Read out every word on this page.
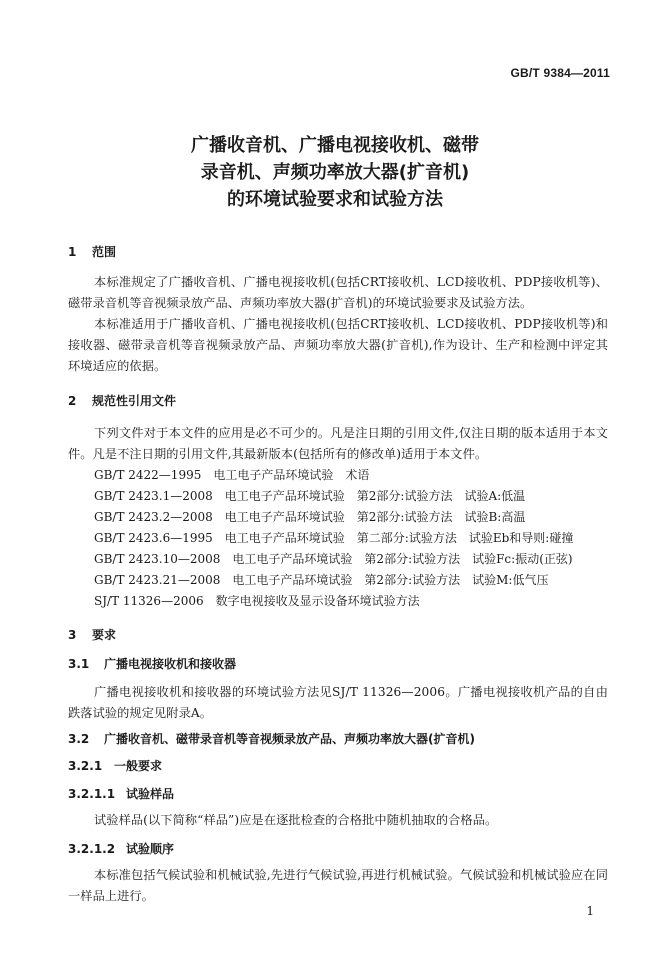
GB/T 9384—2011
广播收音机、广播电视接收机、磁带
录音机、声频功率放大器(扩音机)
的环境试验要求和试验方法
1 范围
本标准规定了广播收音机、广播电视接收机(包括CRT接收机、LCD接收机、PDP接收机等)、磁带录音机等音视频录放产品、声频功率放大器(扩音机)的环境试验要求及试验方法。
本标准适用于广播收音机、广播电视接收机(包括CRT接收机、LCD接收机、PDP接收机等)和接收器、磁带录音机等音视频录放产品、声频功率放大器(扩音机),作为设计、生产和检测中评定其环境适应的依据。
2 规范性引用文件
下列文件对于本文件的应用是必不可少的。凡是注日期的引用文件,仅注日期的版本适用于本文件。凡是不注日期的引用文件,其最新版本(包括所有的修改单)适用于本文件。
GB/T 2422—1995　电工电子产品环境试验　术语
GB/T 2423.1—2008　电工电子产品环境试验　第2部分:试验方法　试验A:低温
GB/T 2423.2—2008　电工电子产品环境试验　第2部分:试验方法　试验B:高温
GB/T 2423.6—1995　电工电子产品环境试验　第二部分:试验方法　试验Eb和导则:碰撞
GB/T 2423.10—2008　电工电子产品环境试验　第2部分:试验方法　试验Fc:振动(正弦)
GB/T 2423.21—2008　电工电子产品环境试验　第2部分:试验方法　试验M:低气压
SJ/T 11326—2006　数字电视接收及显示设备环境试验方法
3 要求
3.1 广播电视接收机和接收器
广播电视接收机和接收器的环境试验方法见SJ/T 11326—2006。广播电视接收机产品的自由跌落试验的规定见附录A。
3.2 广播收音机、磁带录音机等音视频录放产品、声频功率放大器(扩音机)
3.2.1 一般要求
3.2.1.1 试验样品
试验样品(以下简称“样品”)应是在逐批检查的合格批中随机抽取的合格品。
3.2.1.2 试验顺序
本标准包括气候试验和机械试验,先进行气候试验,再进行机械试验。气候试验和机械试验应在同一样品上进行。
1
